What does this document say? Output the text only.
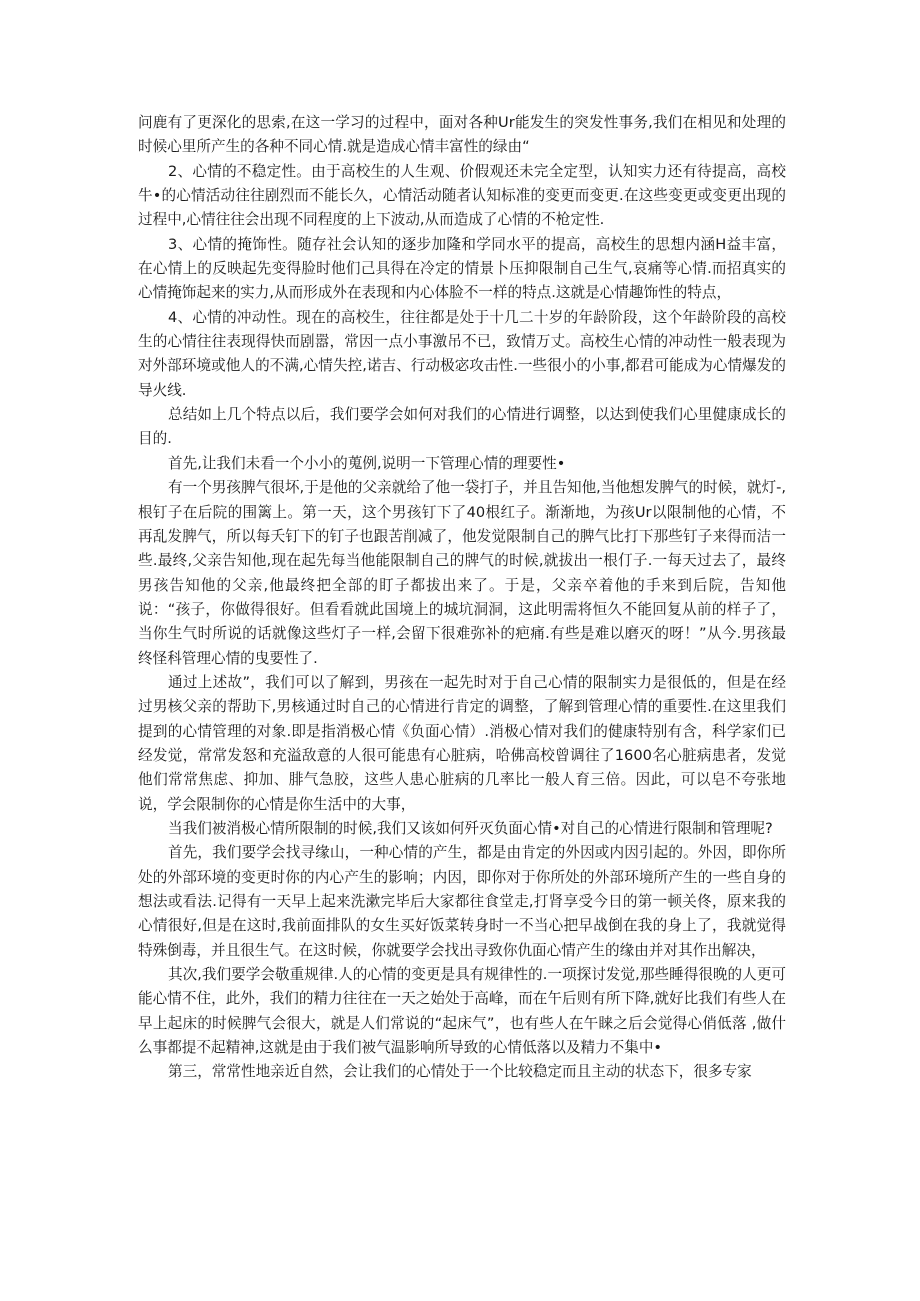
问鹿有了更深化的思索,在这一学习的过程中，面对各种Ur能发生的突发性事务,我们在相见和处理的时候心里所产生的各种不同心情.就是造成心情丰富性的绿由“

2、心情的不稳定性。由于高校生的人生观、价假观还未完全定型，认知实力还有待提高，高校牛•的心情活动往往剧烈而不能长久，心情活动随者认知标准的变更而变更.在这些变更或变更出现的过程中,心情往往会出现不同程度的上下波动,从而造成了心情的不枪定性.

3、心情的掩饰性。随存社会认知的逐步加隆和学同水平的提高，高校生的思想内涵H益丰富，在心情上的反映起先变得脸时他们己具得在冷定的情景卜压抑限制自己生气,哀痛等心情.而招真实的心情掩饰起来的实力,从而形成外在表现和内心体脸不一样的特点.这就是心情趣饰性的特点，

4、心情的冲动性。现在的高校生，往往都是处于十几二十岁的年龄阶段，这个年龄阶段的高校生的心情往往表现得快而剧嚣，常因一点小事激吊不已，致情万丈。高校生心情的冲动性一般表现为对外部环境或他人的不满,心情失控,诺吉、行动极宓攻击性.一些很小的小事,都君可能成为心情爆发的导火线.

总结如上几个特点以后，我们要学会如何对我们的心情进行调整，以达到使我们心里健康成长的目的.

首先,让我们未看一个小小的蒐例,说明一下管理心情的理要性•

有一个男孩脾气很坏,于是他的父亲就给了他一袋打子，并且告知他,当他想发脾气的时候，就灯-,根钉子在后院的围篱上。第一天，这个男孩钉下了40根红子。渐渐地，为孩Ur以限制他的心情，不再乱发脾气，所以每夭钉下的钉子也跟苦削减了，他发觉限制自己的脾气比打下那些钉子来得而洁一些.最终,父亲告知他,现在起先每当他能限制自己的牌气的时候,就拔出一根仃子.一每天过去了，最终男孩告知他的父亲,他最终把全部的盯子都拔出来了。于是，父亲卒着他的手来到后院，告知他说：“孩子，你做得很好。但看看就此国境上的城坑洞洞，这此明需将恒久不能回复从前的样子了，当你生气时所说的话就像这些灯子一样,会留下很难弥补的疤痛.有些是难以磨灭的呀！”从今.男孩最终怪科管理心情的曳要性了.

通过上述故”，我们可以了解到，男孩在一起先时对于自己心情的限制实力是很低的，但是在经过男核父亲的帮助下,男核通过时自己的心情进行肯定的调整，了解到管理心情的重要性.在这里我们提到的心情管理的对象.即是指消极心情《负面心情）.消极心情对我们的健康特别有含，科学家们已经发觉，常常发怒和充溢敌意的人很可能患有心脏病，哈佛高校曾调往了1600名心脏病患者，发觉他们常常焦虑、抑加、腓气急胶，这些人患心脏病的几率比一般人育三倍。因此，可以皂不夸张地说，学会限制你的心情是你生活中的大事，

当我们被消极心情所限制的时候,我们又该如何歼灭负面心情•对自己的心情进行限制和管理呢?

首先，我们要学会找寻缘山，一种心情的产生，都是由肯定的外因或内因引起的。外因，即你所处的外部环境的变更时你的内心产生的影响；内因，即你对于你所处的外部环境所产生的一些自身的想法或看法.记得有一天早上起来洗漱完毕后大家都往食堂走,打肾享受今日的第一顿关佟，原来我的心情很好,但是在这时,我前面排队的女生买好饭菜转身时一不当心把早战倒在我的身上了，我就觉得特殊倒毒，并且很生气。在这时候，你就要学会找出寻致你仇面心情产生的缘由并对其作出解决，

其次,我们要学会敬重规律.人的心情的变更是具有规律性的.一项探讨发觉,那些睡得很晚的人更可能心情不住，此外，我们的精力往往在一天之始处于高峰，而在午后则有所下降,就好比我们有些人在早上起床的时候脾气会很大，就是人们常说的“起床气”，也有些人在午睐之后会觉得心俏低落 ,做什么事都提不起精神,这就是由于我们被气温影响所导致的心情低落以及精力不集中•

第三，常常性地亲近自然，会让我们的心情处于一个比较稳定而且主动的状态下，很多专家
